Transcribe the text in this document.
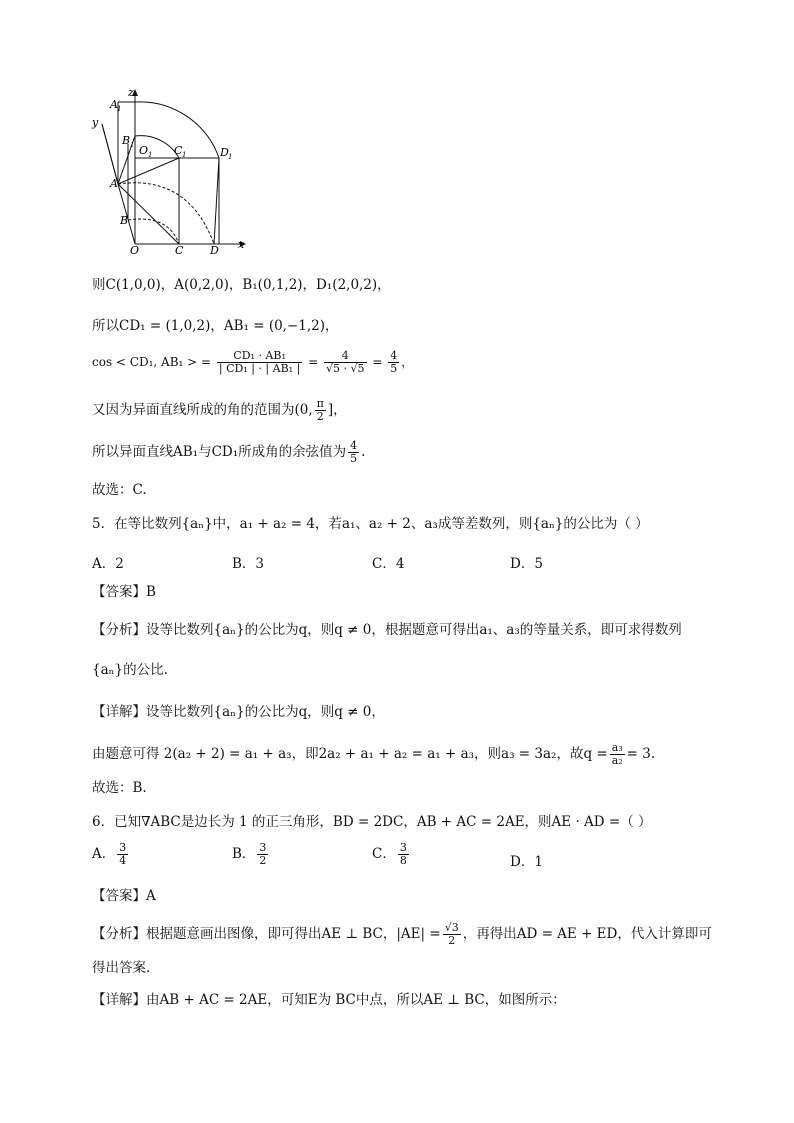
z
y
x
A 1
B 1 O 1 C 1	D 1
A
B
O	C D
则C(1,0,0)，A(0,2,0)，B₁(0,1,2)，D₁(2,0,2)，
所以CD₁ = (1,0,2)，AB₁ = (0,−1,2)，
cos < CD₁, AB₁ > = $\frac{\text{CD₁ · AB₁}}{\text{| CD₁ | · | AB₁ |}} = \frac{4}{√5 \cdot √5} = \frac{4}{5}$ ，
又因为异面直线所成的角的范围为(0, $\frac{\pi}{2}$ ]，
所以异面直线AB₁与CD₁所成角的余弦值为 $\frac{4}{5}$ .
故选：C.
5．在等比数列{aₙ}中，a₁ + a₂ = 4，若a₁、a₂ + 2、a₃成等差数列，则{aₙ}的公比为（ ）
A．2	B．3	C．4	D．5
【答案】B
【分析】设等比数列{aₙ}的公比为q，则q ≠ 0，根据题意可得出a₁、a₃的等量关系，即可求得数列
{aₙ}的公比.
【详解】设等比数列{aₙ}的公比为q，则q ≠ 0，
由题意可得 2(a₂ + 2) = a₁ + a₃，即2a₂ + a₁ + a₂ = a₁ + a₃，则a₃ = 3a₂，故$q = \frac{\text{a₃}}{\text{a₂}} = 3$.
故选：B.
6．已知∇ABC是边长为 1 的正三角形，BD = 2DC，AB + AC = 2AE，则AE · AD =（ ）
A． $\frac{3}{4}$	B． $\frac{3}{2}$	C． $\frac{3}{8}$	D．1
【答案】A
【分析】根据题意画出图像，即可得出AE ⊥ BC，$|AE| = \frac{√3}{2}$ ，再得出AD = AE + ED，代入计算即可
得出答案.
【详解】由AB + AC = 2AE，可知E为 BC中点，所以AE ⊥ BC，如图所示：
